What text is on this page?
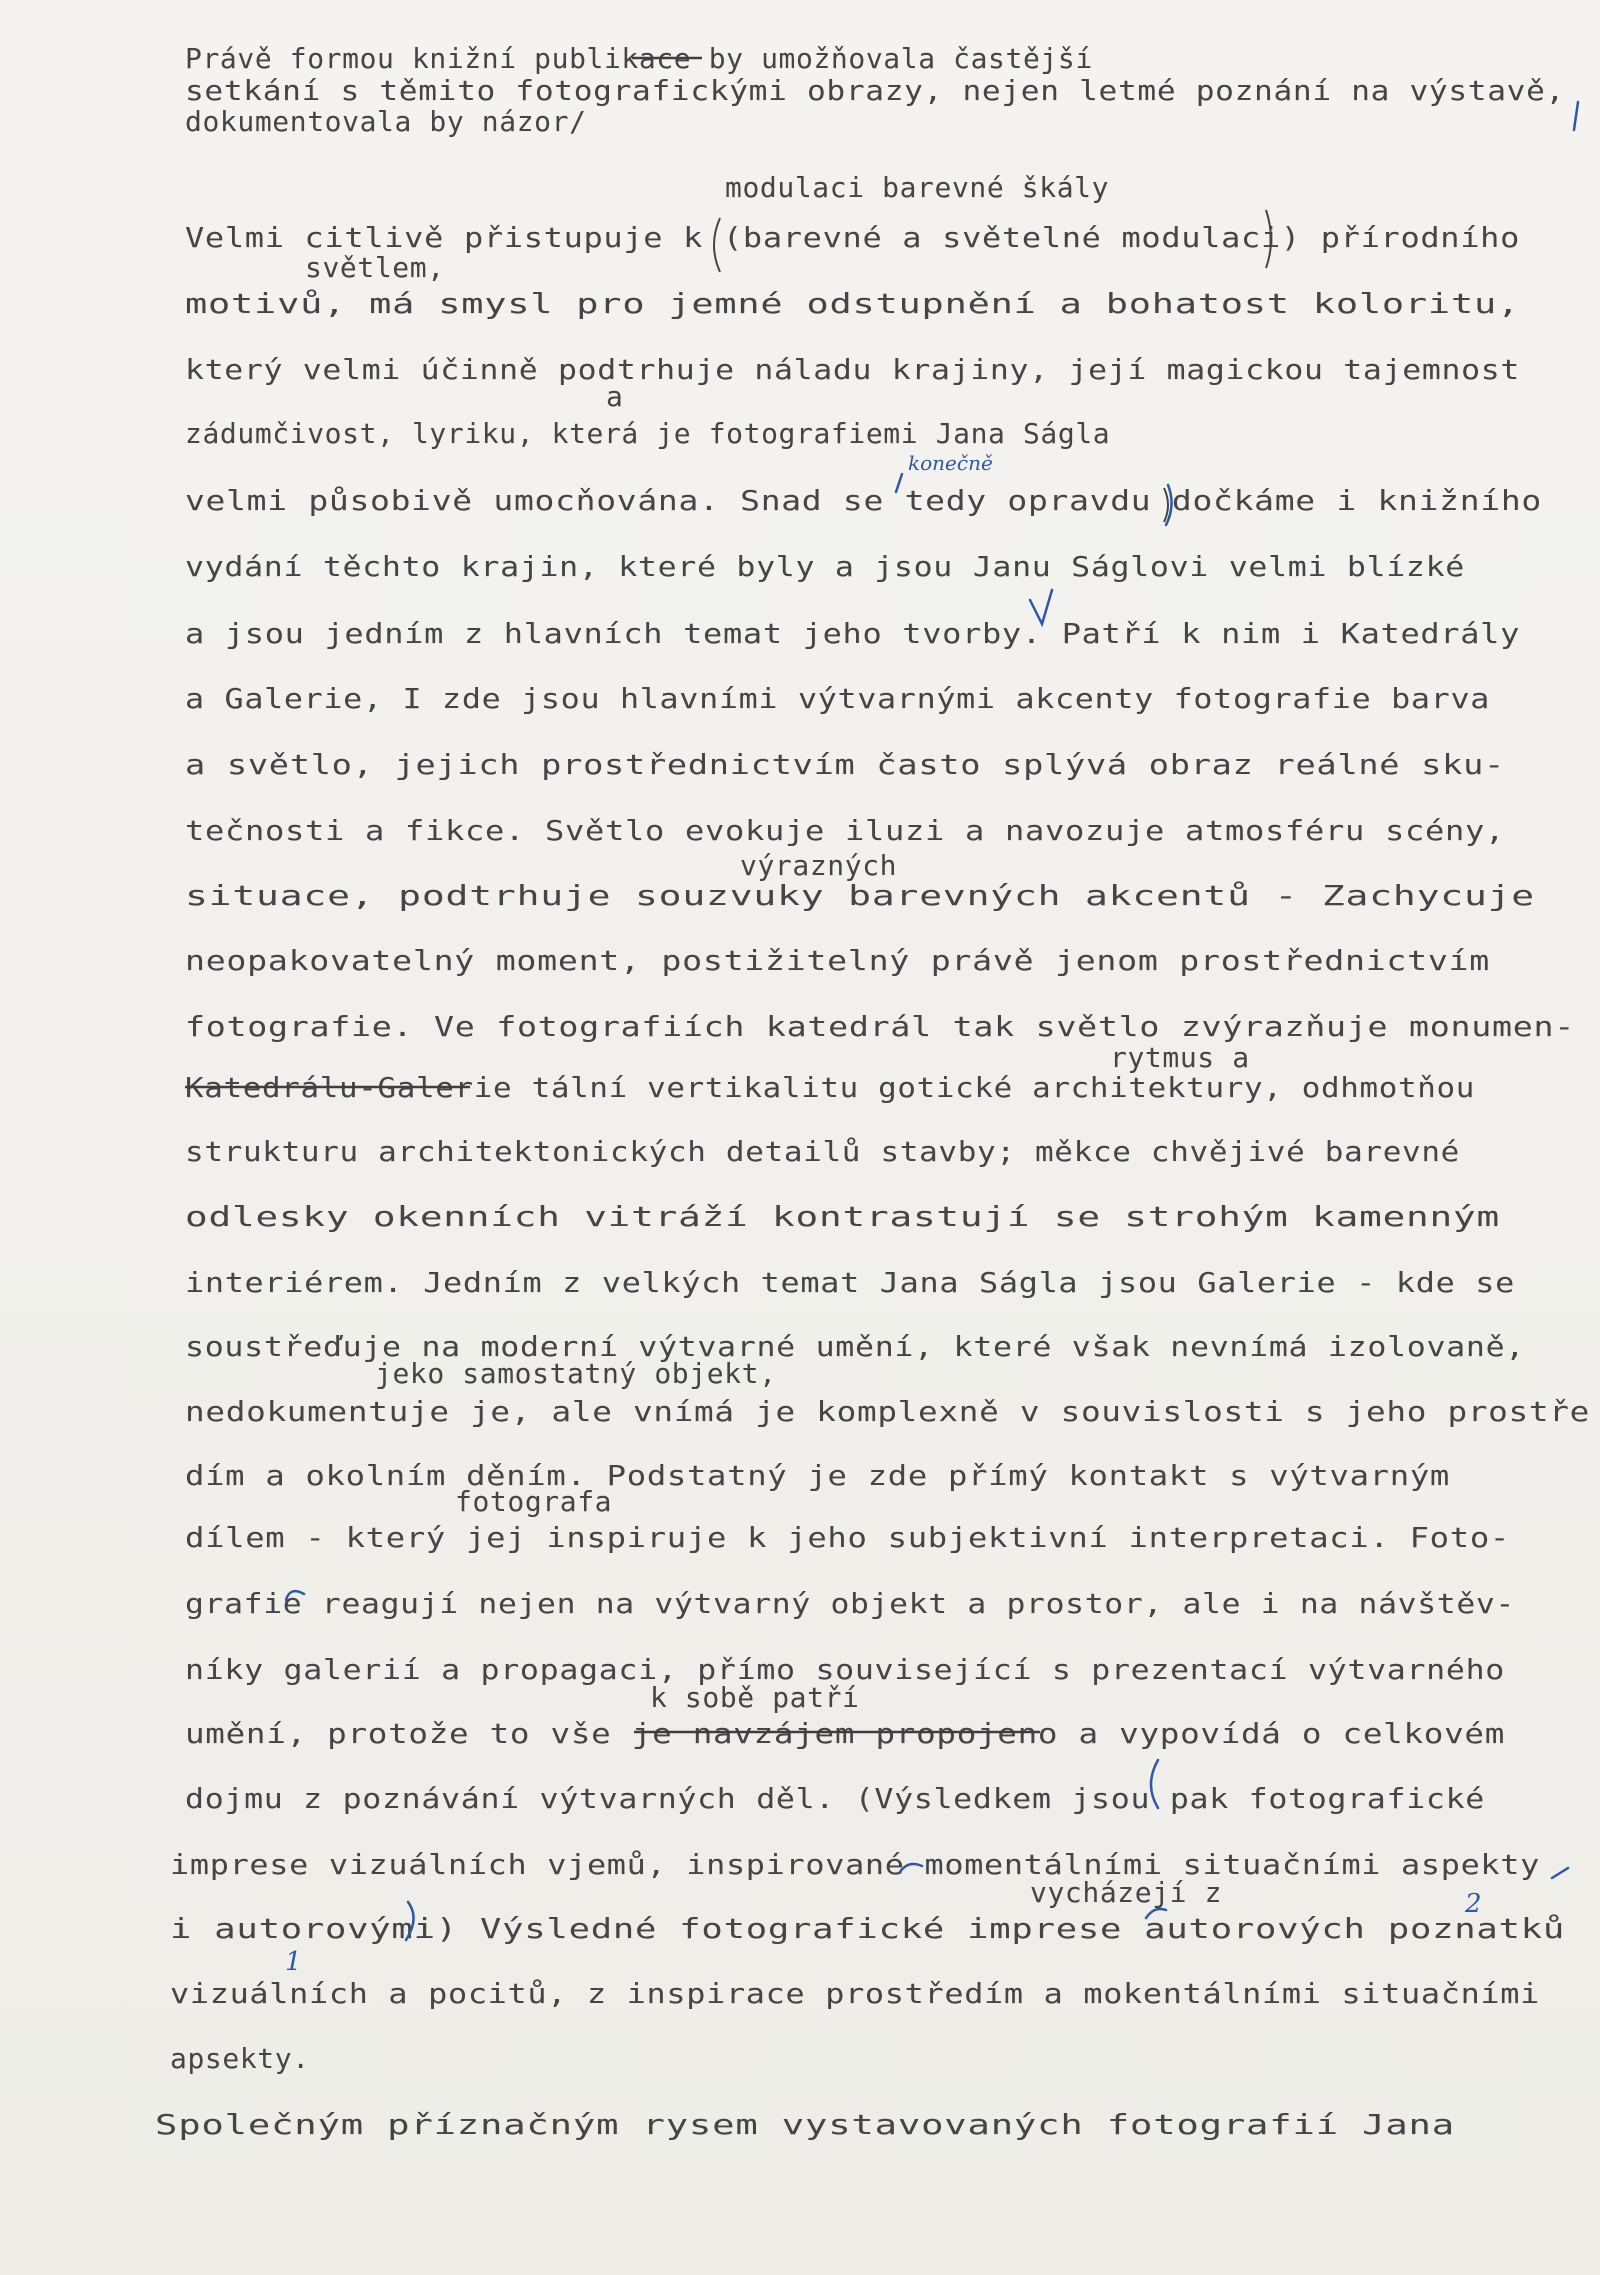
Právě formou knižní publikace by umožňovala častější
setkání s těmito fotografickými obrazy, nejen letmé poznání na výstavě,
dokumentovala by názor/
modulaci barevné škály
Velmi citlivě přistupuje k (barevné a světelné modulaci) přírodního
světlem,
motivů, má smysl pro jemné odstupnění a bohatost koloritu,
který velmi účinně podtrhuje náladu krajiny, její magickou tajemnost
a
zádumčivost, lyriku, která je fotografiemi Jana Ságla
velmi působivě umocňována. Snad se tedy opravdu dočkáme i knižního
vydání těchto krajin, které byly a jsou Janu Ságlovi velmi blízké
a jsou jedním z hlavních temat jeho tvorby. Patří k nim i Katedrály
a Galerie, I zde jsou hlavními výtvarnými akcenty fotografie barva
a světlo, jejich prostřednictvím často splývá obraz reálné sku-
tečnosti a fikce. Světlo evokuje iluzi a navozuje atmosféru scény,
výrazných
situace, podtrhuje souzvuky barevných akcentů - Zachycuje
neopakovatelný moment, postižitelný právě jenom prostřednictvím
fotografie. Ve fotografiích katedrál tak světlo zvýrazňuje monumen-
rytmus a
Katedrálu-Galerie tální vertikalitu gotické architektury, odhmotňou
strukturu architektonických detailů stavby; měkce chvějivé barevné
odlesky okenních vitráží kontrastují se strohým kamenným
interiérem. Jedním z velkých temat Jana Ságla jsou Galerie - kde se
soustřeďuje na moderní výtvarné umění, které však nevnímá izolovaně,
jeko samostatný objekt,
nedokumentuje je, ale vnímá je komplexně v souvislosti s jeho prostře
dím a okolním děním. Podstatný je zde přímý kontakt s výtvarným
fotografa
dílem - který jej inspiruje k jeho subjektivní interpretaci. Foto-
grafie reagují nejen na výtvarný objekt a prostor, ale i na návštěv-
níky galerií a propagaci, přímo související s prezentací výtvarného
k sobě patří
umění, protože to vše je navzájem propojeno a vypovídá o celkovém
dojmu z poznávání výtvarných děl. (Výsledkem jsou pak fotografické
imprese vizuálních vjemů, inspirované momentálními situačními aspekty
vycházejí z
i autorovými) Výsledné fotografické imprese autorových poznatků
vizuálních a pocitů, z inspirace prostředím a mokentálními situačními
apsekty.
Společným příznačným rysem vystavovaných fotografií Jana
konečně
1
2
